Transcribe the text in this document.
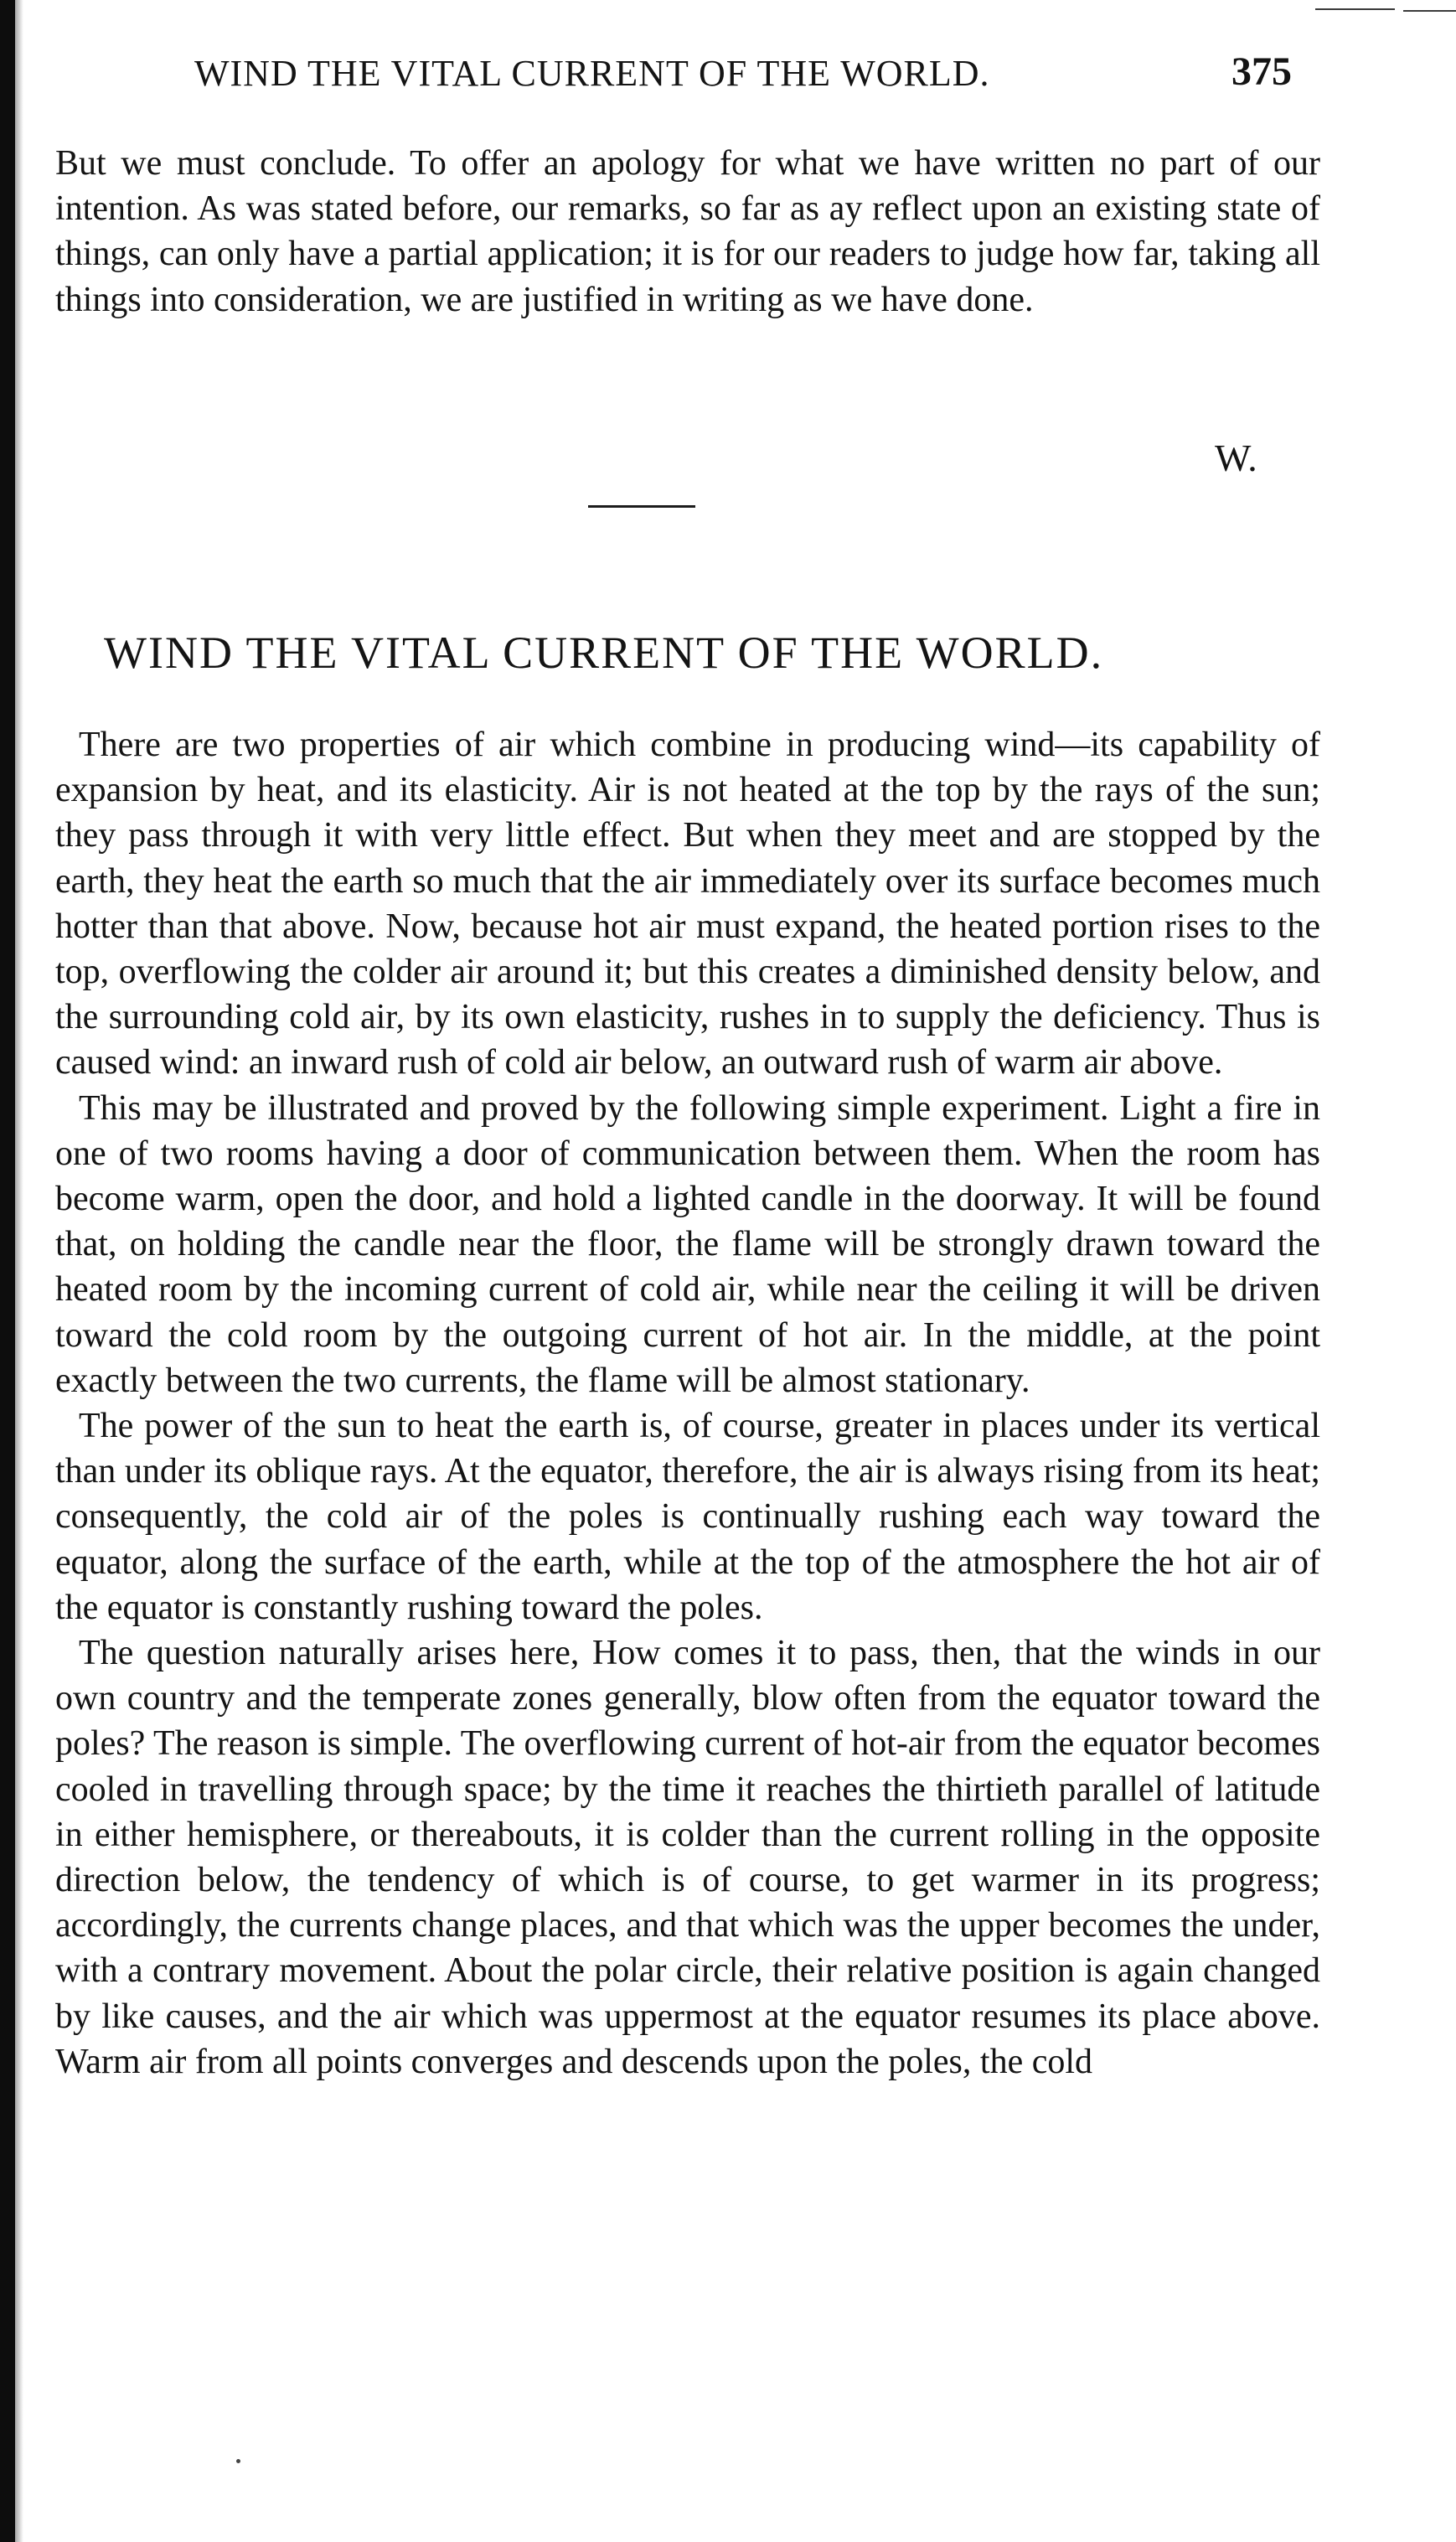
WIND THE VITAL CURRENT OF THE WORLD.	375

But we must conclude. To offer an apology for what we have written no part of our intention. As was stated before, our remarks, so far as ay reflect upon an existing state of things, can only have a partial application; it is for our readers to judge how far, taking all things into consideration, we are justified in writing as we have done.

W.
WIND THE VITAL CURRENT OF THE WORLD.

There are two properties of air which combine in producing wind—its capability of expansion by heat, and its elasticity. Air is not heated at the top by the rays of the sun; they pass through it with very little effect. But when they meet and are stopped by the earth, they heat the earth so much that the air immediately over its surface becomes much hotter than that above. Now, because hot air must expand, the heated portion rises to the top, overflowing the colder air around it; but this creates a diminished density below, and the surrounding cold air, by its own elasticity, rushes in to supply the deficiency. Thus is caused wind: an inward rush of cold air below, an outward rush of warm air above.

This may be illustrated and proved by the following simple experiment. Light a fire in one of two rooms having a door of communication between them. When the room has become warm, open the door, and hold a lighted candle in the doorway. It will be found that, on holding the candle near the floor, the flame will be strongly drawn toward the heated room by the incoming current of cold air, while near the ceiling it will be driven toward the cold room by the outgoing current of hot air. In the middle, at the point exactly between the two currents, the flame will be almost stationary.

The power of the sun to heat the earth is, of course, greater in places under its vertical than under its oblique rays. At the equator, therefore, the air is always rising from its heat; consequently, the cold air of the poles is continually rushing each way toward the equator, along the surface of the earth, while at the top of the atmosphere the hot air of the equator is constantly rushing toward the poles.

The question naturally arises here, How comes it to pass, then, that the winds in our own country and the temperate zones generally, blow often from the equator toward the poles? The reason is simple. The overflowing current of hot-air from the equator becomes cooled in travelling through space; by the time it reaches the thirtieth parallel of latitude in either hemisphere, or thereabouts, it is colder than the current rolling in the opposite direction below, the tendency of which is of course, to get warmer in its progress; accordingly, the currents change places, and that which was the upper becomes the under, with a contrary movement. About the polar circle, their relative position is again changed by like causes, and the air which was uppermost at the equator resumes its place above. Warm air from all points converges and descends upon the poles, the cold
